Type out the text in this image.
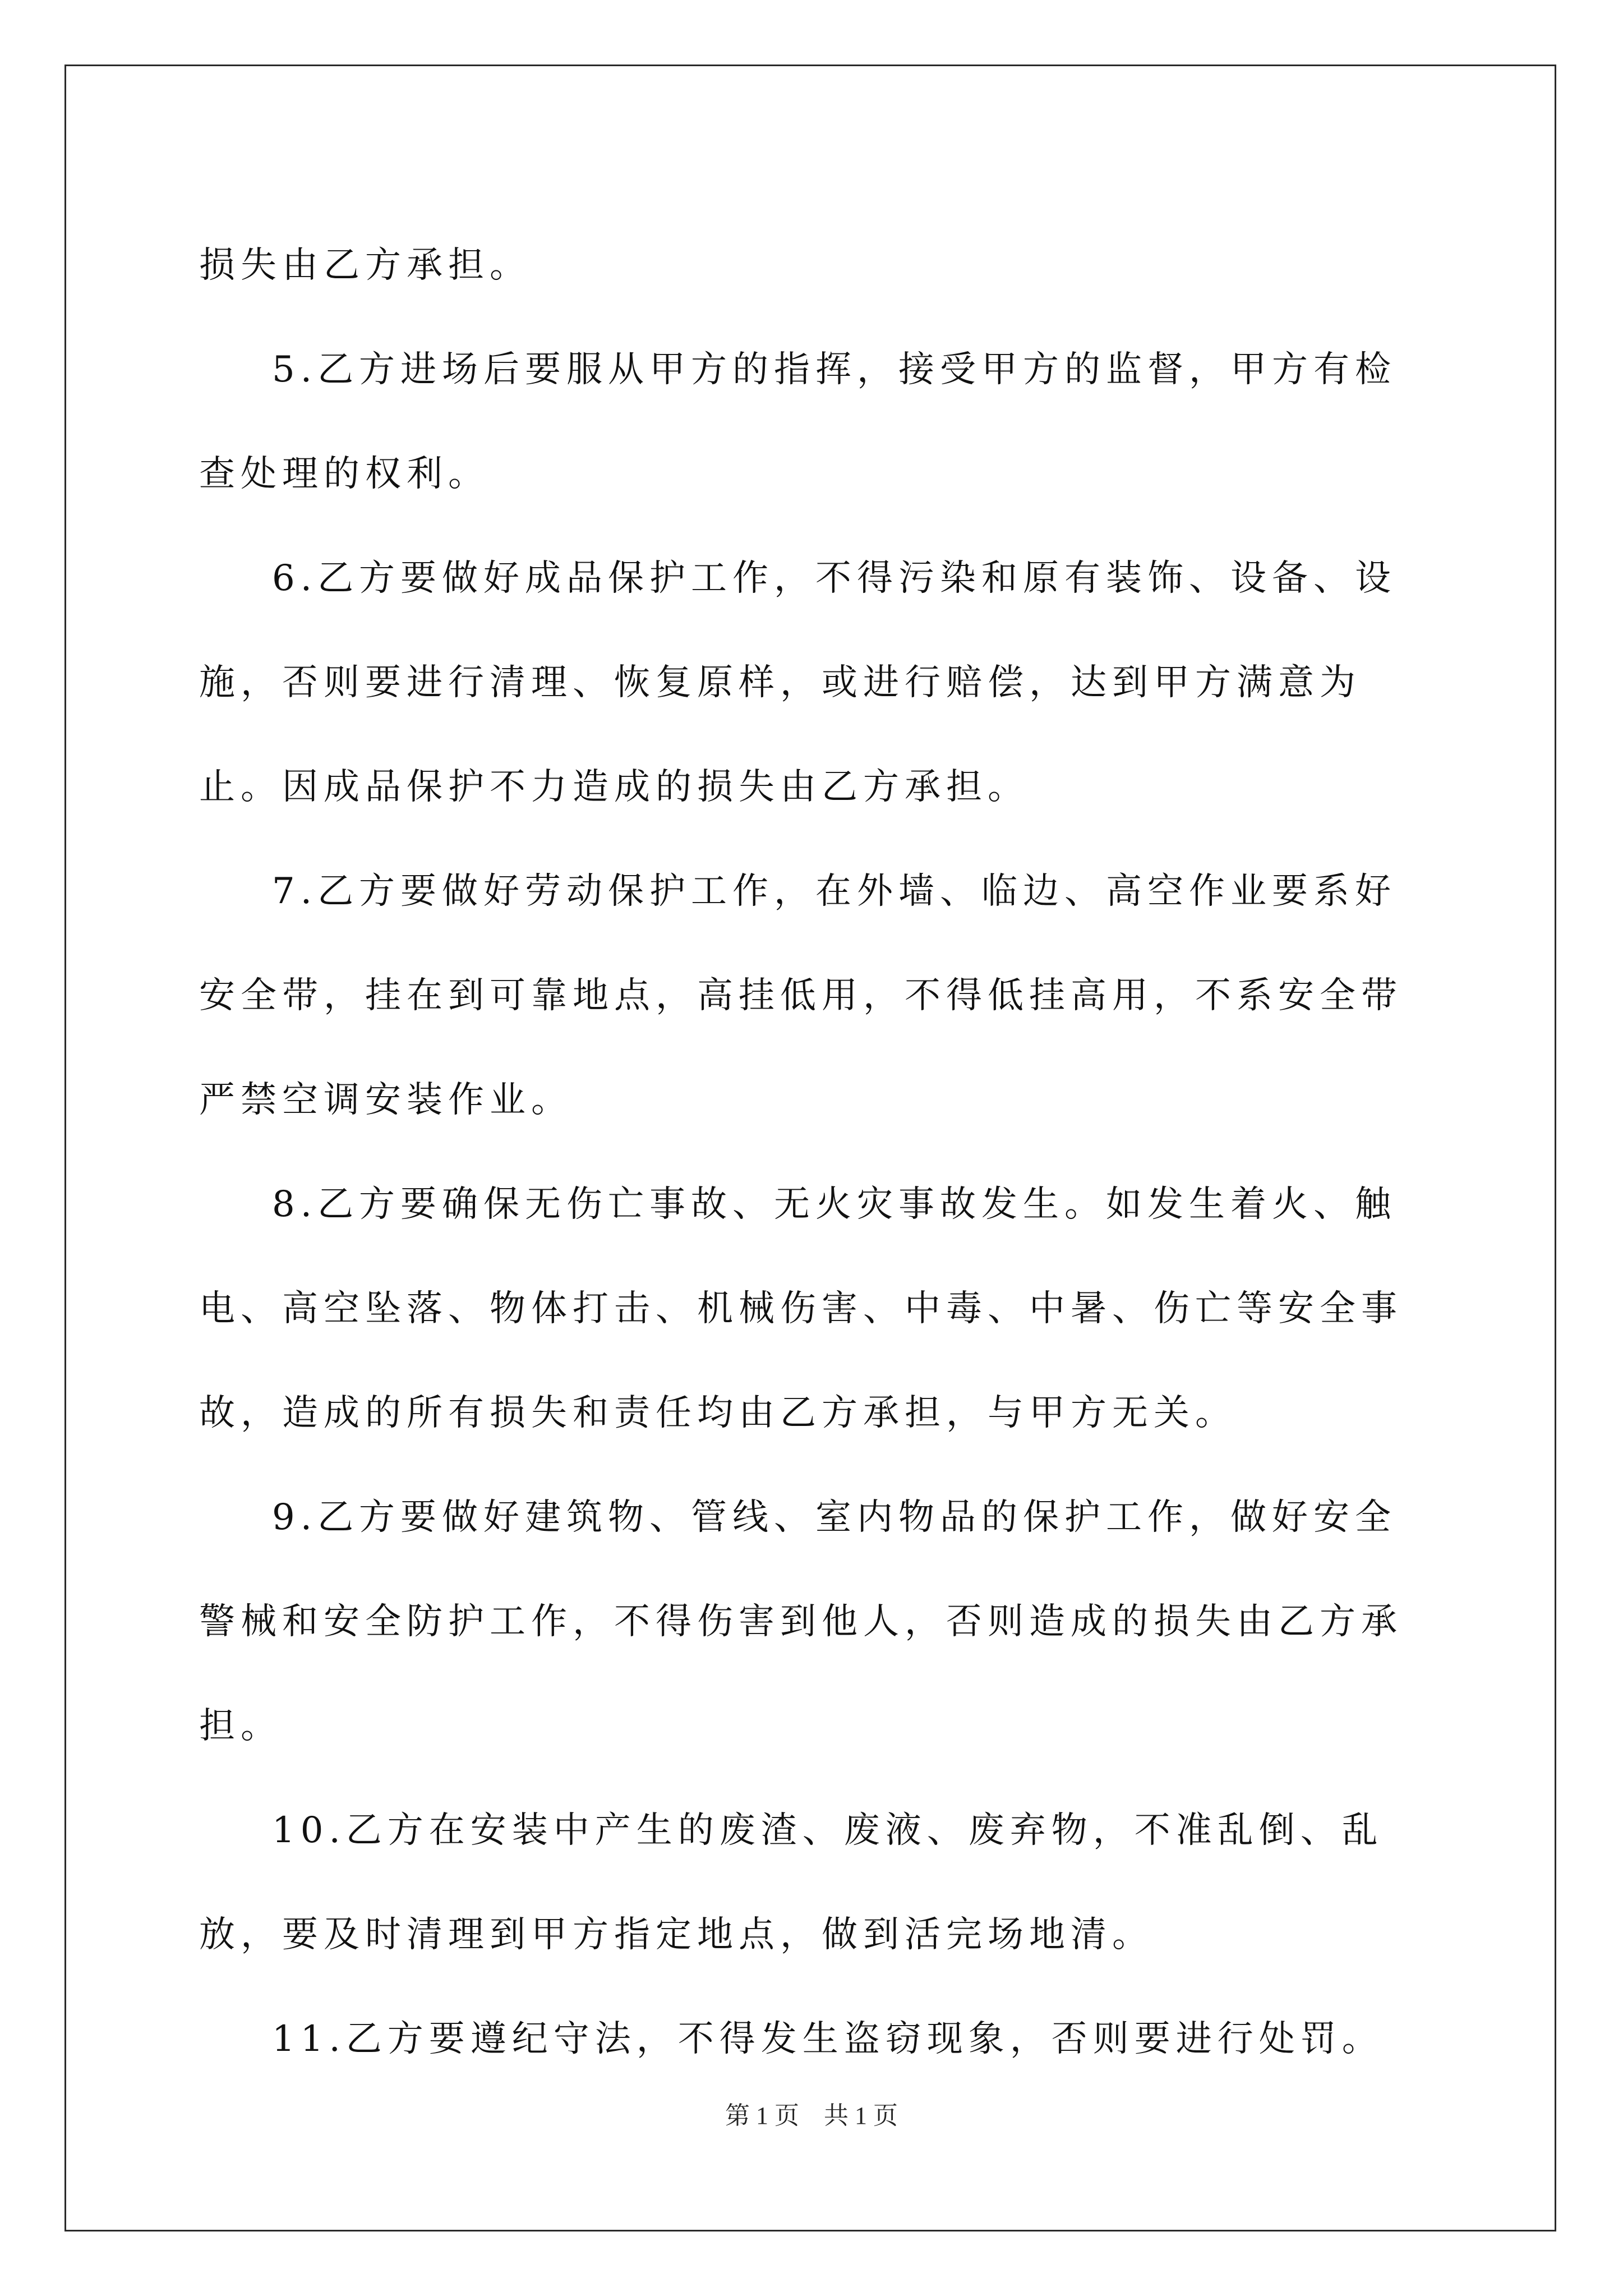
损失由乙方承担。

5.乙方进场后要服从甲方的指挥，接受甲方的监督，甲方有检查处理的权利。

6.乙方要做好成品保护工作，不得污染和原有装饰、设备、设施，否则要进行清理、恢复原样，或进行赔偿，达到甲方满意为止。因成品保护不力造成的损失由乙方承担。

7.乙方要做好劳动保护工作，在外墙、临边、高空作业要系好安全带，挂在到可靠地点，高挂低用，不得低挂高用，不系安全带严禁空调安装作业。

8.乙方要确保无伤亡事故、无火灾事故发生。如发生着火、触电、高空坠落、物体打击、机械伤害、中毒、中暑、伤亡等安全事故，造成的所有损失和责任均由乙方承担，与甲方无关。

9.乙方要做好建筑物、管线、室内物品的保护工作，做好安全警械和安全防护工作，不得伤害到他人，否则造成的损失由乙方承担。

10.乙方在安装中产生的废渣、废液、废弃物，不准乱倒、乱放，要及时清理到甲方指定地点，做到活完场地清。

11.乙方要遵纪守法，不得发生盗窃现象，否则要进行处罚。

第 1 页　共 1 页
